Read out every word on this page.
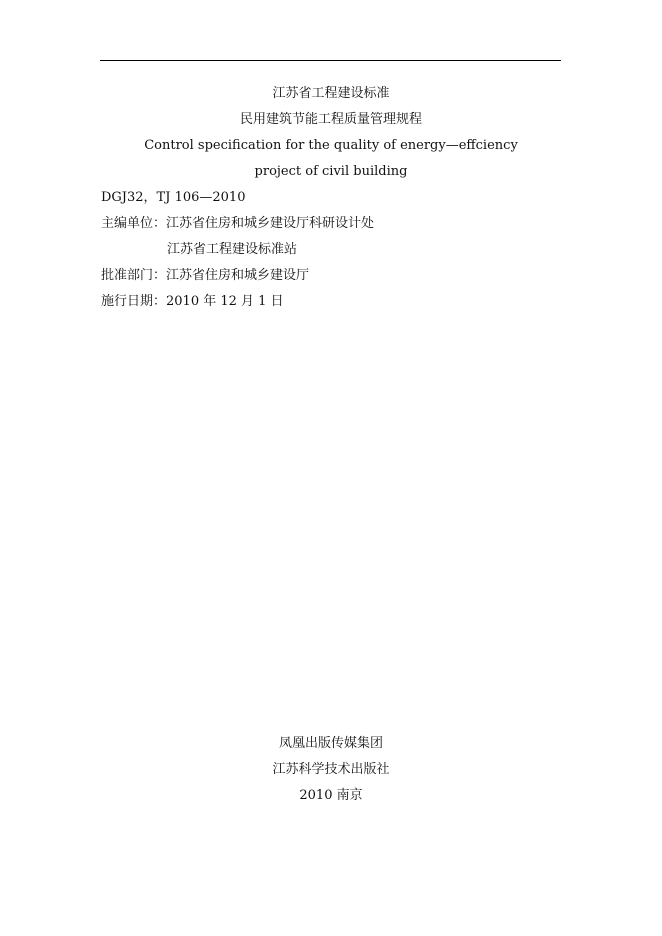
江苏省工程建设标准
民用建筑节能工程质量管理规程
Control specification for the quality of energy—effciency
project of civil building
DGJ32，TJ 106—2010
主编单位：江苏省住房和城乡建设厅科研设计处
江苏省工程建设标准站
批准部门：江苏省住房和城乡建设厅
施行日期：2010 年 12 月 1 日
凤凰出版传媒集团
江苏科学技术出版社
2010 南京
